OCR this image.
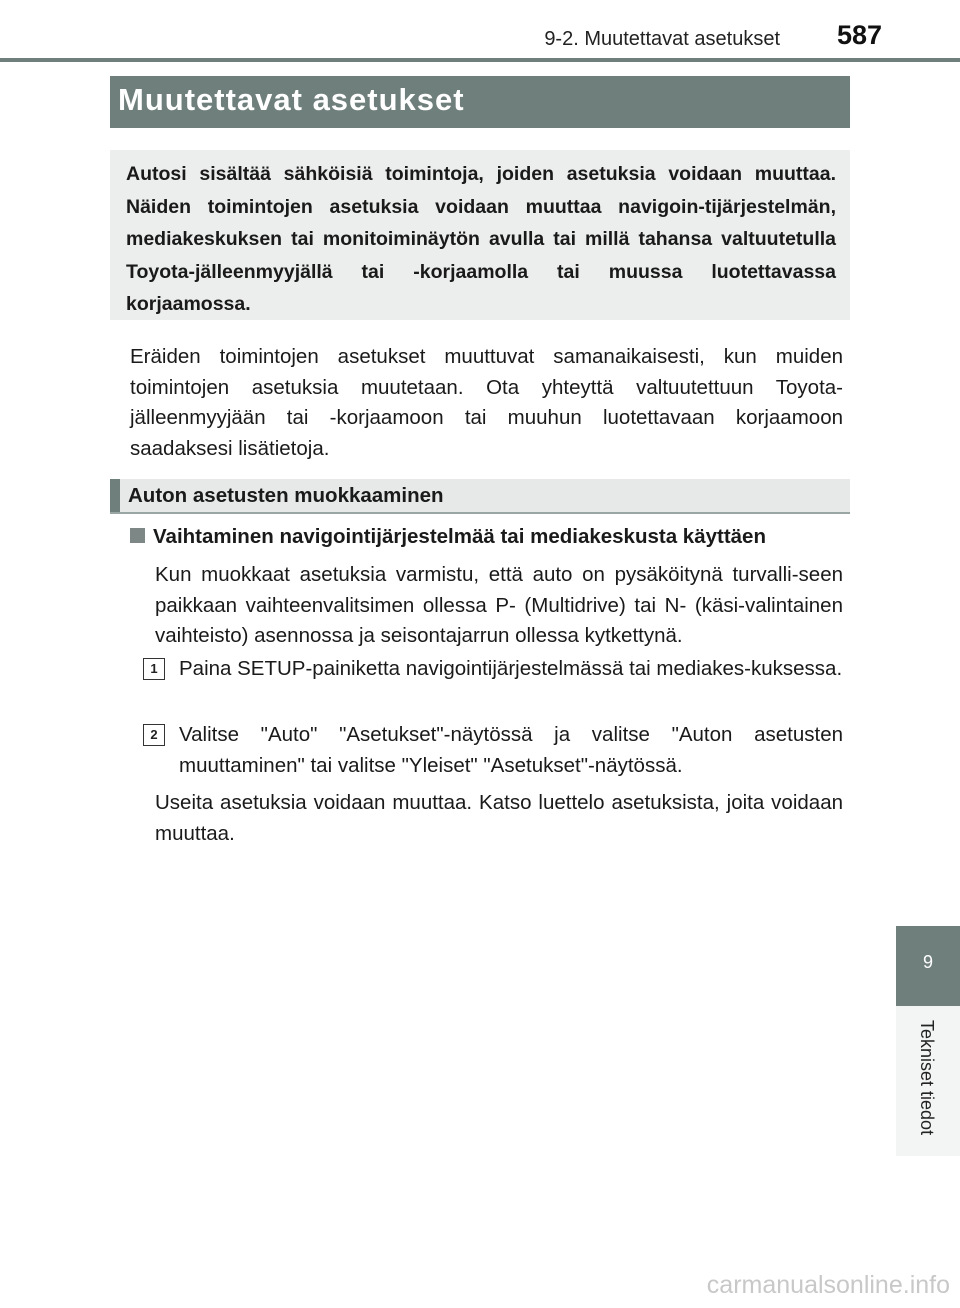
9-2. Muutettavat asetukset 587
Muutettavat asetukset
Autosi sisältää sähköisiä toimintoja, joiden asetuksia voidaan muuttaa. Näiden toimintojen asetuksia voidaan muuttaa navigoin-tijärjestelmän, mediakeskuksen tai monitoiminäytön avulla tai millä tahansa valtuutetulla Toyota-jälleenmyyjällä tai -korjaamolla tai muussa luotettavassa korjaamossa.
Eräiden toimintojen asetukset muuttuvat samanaikaisesti, kun muiden toimintojen asetuksia muutetaan. Ota yhteyttä valtuutettuun Toyota-jälleenmyyjään tai -korjaamoon tai muuhun luotettavaan korjaamoon saadaksesi lisätietoja.
Auton asetusten muokkaaminen
Vaihtaminen navigointijärjestelmää tai mediakeskusta käyttäen
Kun muokkaat asetuksia varmistu, että auto on pysäköitynä turvalli-seen paikkaan vaihteenvalitsimen ollessa P- (Multidrive) tai N- (käsi-valintainen vaihteisto) asennossa ja seisontajarrun ollessa kytkettynä.
1	Paina SETUP-painiketta navigointijärjestelmässä tai mediakes-kuksessa.
2	Valitse "Auto" "Asetukset"-näytössä ja valitse "Auton asetusten muuttaminen" tai valitse "Yleiset" "Asetukset"-näytössä.
Useita asetuksia voidaan muuttaa. Katso luettelo asetuksista, joita voidaan muuttaa.
9
Tekniset tiedot
carmanualsonline.info
